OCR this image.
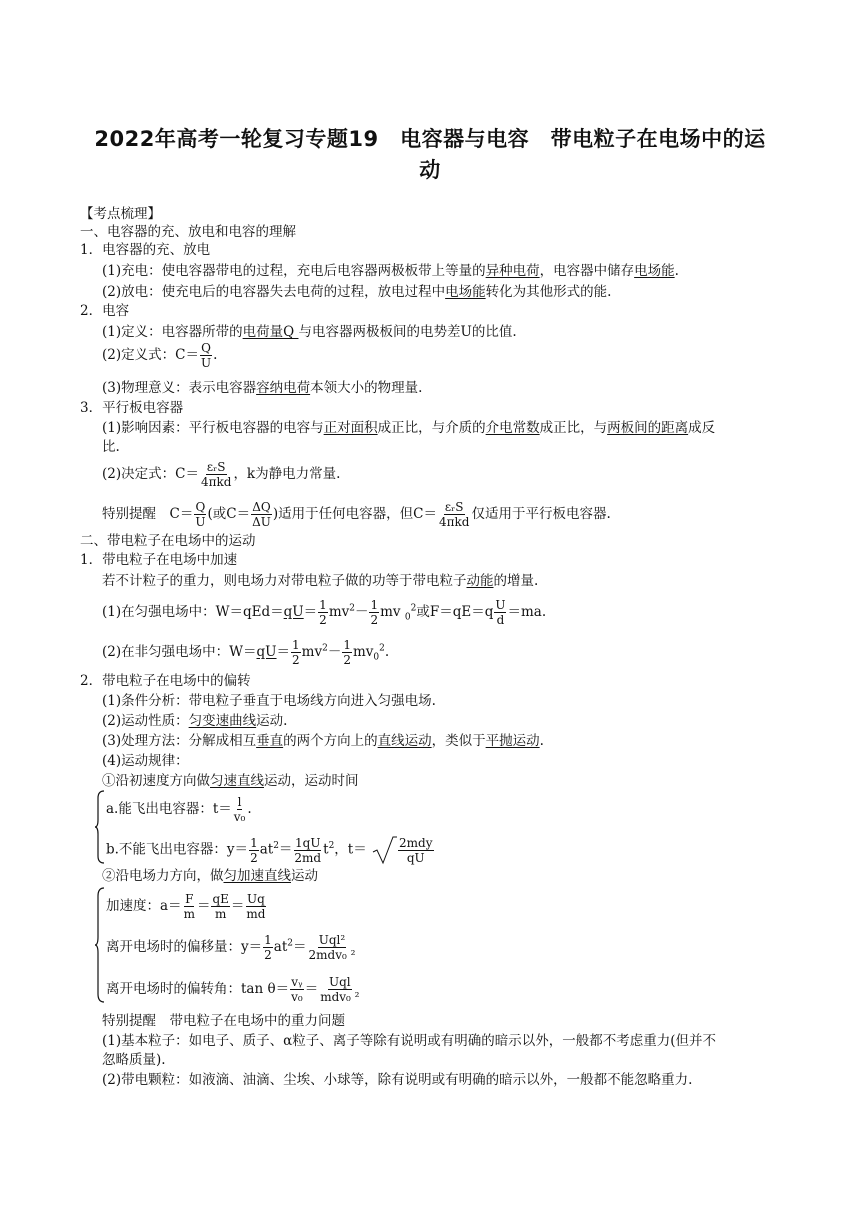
2022年高考一轮复习专题19　电容器与电容　带电粒子在电场中的运
动
【考点梳理】
一、电容器的充、放电和电容的理解
1．电容器的充、放电
(1)充电：使电容器带电的过程，充电后电容器两极板带上等量的异种电荷，电容器中储存电场能.
(2)放电：使充电后的电容器失去电荷的过程，放电过程中电场能转化为其他形式的能.
2．电容
(1)定义：电容器所带的电荷量Q 与电容器两极板间的电势差U的比值.
(2)定义式：$C= \frac{Q}{U}$ .
(3)物理意义：表示电容器容纳电荷本领大小的物理量.
3．平行板电容器
(1)影响因素：平行板电容器的电容与正对面积成正比，与介质的介电常数成正比，与两板间的距离成反
比.
(2)决定式：C＝ εᵣS
4πkd ，k为静电力常量.
特别提醒　$C= \frac{Q}{U}$ (或$C= \frac{\Delta Q}{\Delta U}$ )适用于任何电容器，但C＝ εᵣS
4πkd 仅适用于平行板电容器.
二、带电粒子在电场中的运动
1．带电粒子在电场中加速
若不计粒子的重力，则电场力对带电粒子做的功等于带电粒子动能的增量.
(1)在匀强电场中：$W=qEd=qU= \frac{1}{2} mv^2- \frac{1}{2}$ mv $_0^2$或$F=qE=q \frac{U}{d} =ma$.
(2)在非匀强电场中：$W=qU= \frac{1}{2} mv^2- \frac{1}{2} mv_0^2$.
2．带电粒子在电场中的偏转
(1)条件分析：带电粒子垂直于电场线方向进入匀强电场.
(2)运动性质：匀变速曲线运动.
(3)处理方法：分解成相互垂直的两个方向上的直线运动，类似于平抛运动.
(4)运动规律：
①沿初速度方向做匀速直线运动，运动时间
a.能飞出电容器：$t= \frac{l}{\text{v₀}}$ .
b.不能飞出电容器：$y= \frac{1}{2} at^2= \frac{1qU}{2md} t^2$，t＝	2mdy
qU
②沿电场力方向，做匀加速直线运动
加速度：$a= \frac{F}{m} = \frac{qE}{m} = \frac{Uq}{md}$
离开电场时的偏移量：$y= \frac{1}{2} at^2= Uql^2$
2mdv₀ ²
离开电场时的偏转角：$\tan \theta= \frac{\text{vᵧ}}{\text{v₀}}$ ＝ Uql
mdv₀ ²
特别提醒　带电粒子在电场中的重力问题
(1)基本粒子：如电子、质子、α粒子、离子等除有说明或有明确的暗示以外，一般都不考虑重力(但并不
忽略质量).
(2)带电颗粒：如液滴、油滴、尘埃、小球等，除有说明或有明确的暗示以外，一般都不能忽略重力.
